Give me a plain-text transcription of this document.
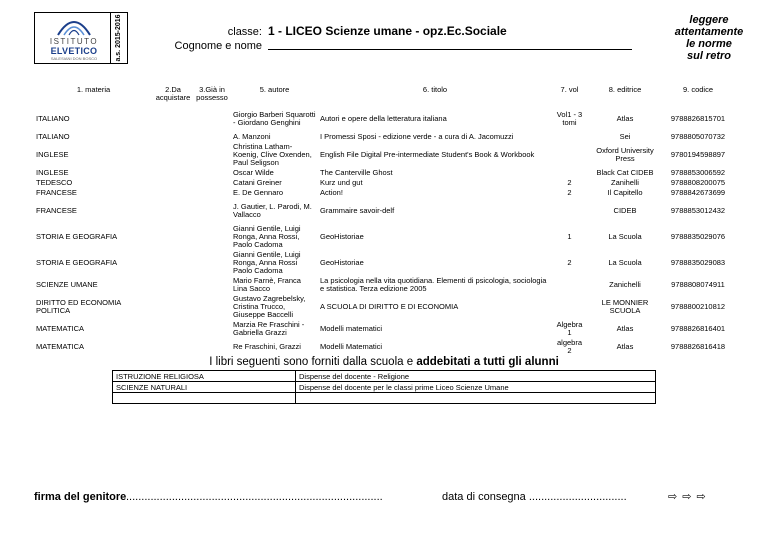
ISTITUTO
ELVETICO
SALESIANI DON BOSCO	a.s. 2015-2016	classe:
Cognome e nome
1 - LICEO Scienze umane - opz.Ec.Sociale
leggere
attentamente
le norme
sul retro
1. materia	2.Da acquistare	3.Già in possesso	5. autore	6. titolo	7. vol	8. editrice	9. codice
ITALIANO			Giorgio Barberi Squarotti - Giordano Genghini	Autori e opere della letteratura italiana	Vol1 - 3 tomi	Atlas	9788826815701
ITALIANO			A. Manzoni	I Promessi Sposi - edizione verde - a cura di A. Jacomuzzi		Sei	9788805070732
INGLESE			Christina Latham-Koenig, Clive Oxenden, Paul Seligson	English File Digital Pre-intermediate Student's Book & Workbook		Oxford University Press	9780194598897
INGLESE			Oscar Wilde	The Canterville Ghost		Black Cat CIDEB	9788853006592
TEDESCO			Catani Greiner	Kurz und gut	2	Zanihelli	9788808200075
FRANCESE			E. De Gennaro	Action!	2	Il Capitello	9788842673699
FRANCESE			J. Gautier, L. Parodi, M. Vallacco	Grammaire savoir-delf		CIDEB	9788853012432
STORIA E GEOGRAFIA			Gianni Gentile, Luigi Ronga, Anna Rossi, Paolo Cadoma	GeoHistoriae	1	La Scuola	9788835029076
STORIA E GEOGRAFIA			Gianni Gentile, Luigi Ronga, Anna Rossi Paolo Cadoma	GeoHistoriae	2	La Scuola	9788835029083
SCIENZE UMANE			Mario Farnè, Franca Lina Sacco	La psicologia nella vita quotidiana. Elementi di psicologia, sociologia e statistica. Terza edizione 2005		Zanichelli	9788808074911
DIRITTO ED ECONOMIA POLITICA			Gustavo Zagrebelsky, Cristina Trucco, Giuseppe Baccelli	A SCUOLA DI DIRITTO E DI ECONOMIA		LE MONNIER SCUOLA	9788800210812
MATEMATICA			Marzia Re Fraschini - Gabriella Grazzi	Modelli matematici	Algebra 1	Atlas	9788826816401
MATEMATICA			Re Fraschini, Grazzi	Modelli Matematici	algebra 2	Atlas	9788826816418
I libri seguenti sono forniti dalla scuola e addebitati a tutti gli alunni
ISTRUZIONE RELIGIOSA	Dispense del docente - Religione
SCIENZE NATURALI	Dispense del docente per le classi prime Liceo Scienze Umane

firma del genitore ....................................................................................	data di consegna ................................	⇨ ⇨ ⇨
